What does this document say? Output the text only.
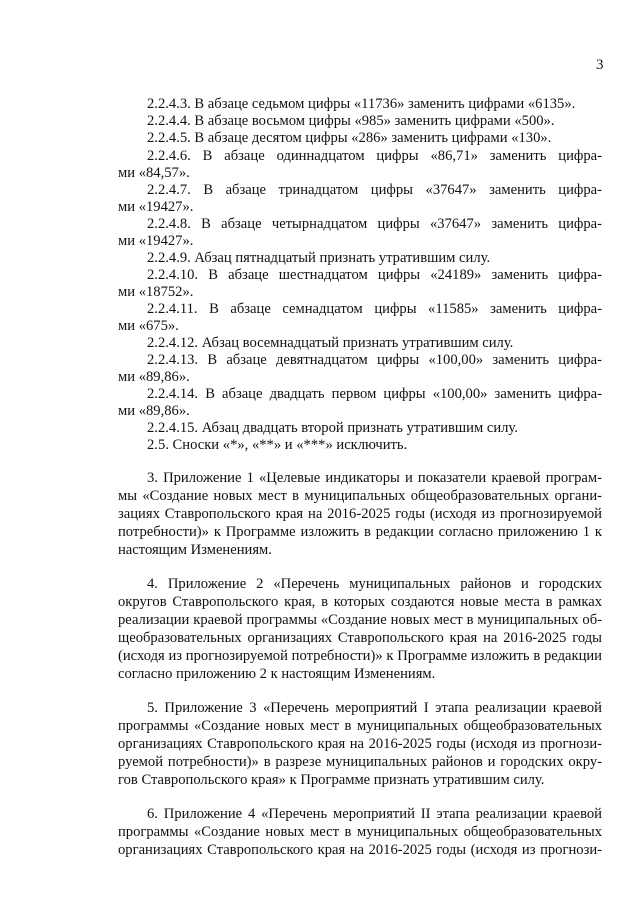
3
2.2.4.3. В абзаце седьмом цифры «11736» заменить цифрами «6135».
2.2.4.4. В абзаце восьмом цифры «985» заменить цифрами «500».
2.2.4.5. В абзаце десятом цифры «286» заменить цифрами «130».
2.2.4.6. В абзаце одиннадцатом цифры «86,71» заменить цифра-
ми «84,57».
2.2.4.7. В абзаце тринадцатом цифры «37647» заменить цифра-
ми «19427».
2.2.4.8. В абзаце четырнадцатом цифры «37647» заменить цифра-
ми «19427».
2.2.4.9. Абзац пятнадцатый признать утратившим силу.
2.2.4.10. В абзаце шестнадцатом цифры «24189» заменить цифра-
ми «18752».
2.2.4.11. В абзаце семнадцатом цифры «11585» заменить цифра-
ми «675».
2.2.4.12. Абзац восемнадцатый признать утратившим силу.
2.2.4.13. В абзаце девятнадцатом цифры «100,00» заменить цифра-
ми «89,86».
2.2.4.14. В абзаце двадцать первом цифры «100,00» заменить цифра-
ми «89,86».
2.2.4.15. Абзац двадцать второй признать утратившим силу.
2.5. Сноски «*», «**» и «***» исключить.
3. Приложение 1 «Целевые индикаторы и показатели краевой програм-
мы «Создание новых мест в муниципальных общеобразовательных органи-
зациях Ставропольского края на 2016-2025 годы (исходя из прогнозируемой
потребности)» к Программе изложить в редакции согласно приложению 1 к
настоящим Изменениям.
4. Приложение 2 «Перечень муниципальных районов и городских
округов Ставропольского края, в которых создаются новые места в рамках
реализации краевой программы «Создание новых мест в муниципальных об-
щеобразовательных организациях Ставропольского края на 2016-2025 годы
(исходя из прогнозируемой потребности)» к Программе изложить в редакции
согласно приложению 2 к настоящим Изменениям.
5. Приложение 3 «Перечень мероприятий I этапа реализации краевой
программы «Создание новых мест в муниципальных общеобразовательных
организациях Ставропольского края на 2016-2025 годы (исходя из прогнози-
руемой потребности)» в разрезе муниципальных районов и городских окру-
гов Ставропольского края» к Программе признать утратившим силу.
6. Приложение 4 «Перечень мероприятий II этапа реализации краевой
программы «Создание новых мест в муниципальных общеобразовательных
организациях Ставропольского края на 2016-2025 годы (исходя из прогнози-
